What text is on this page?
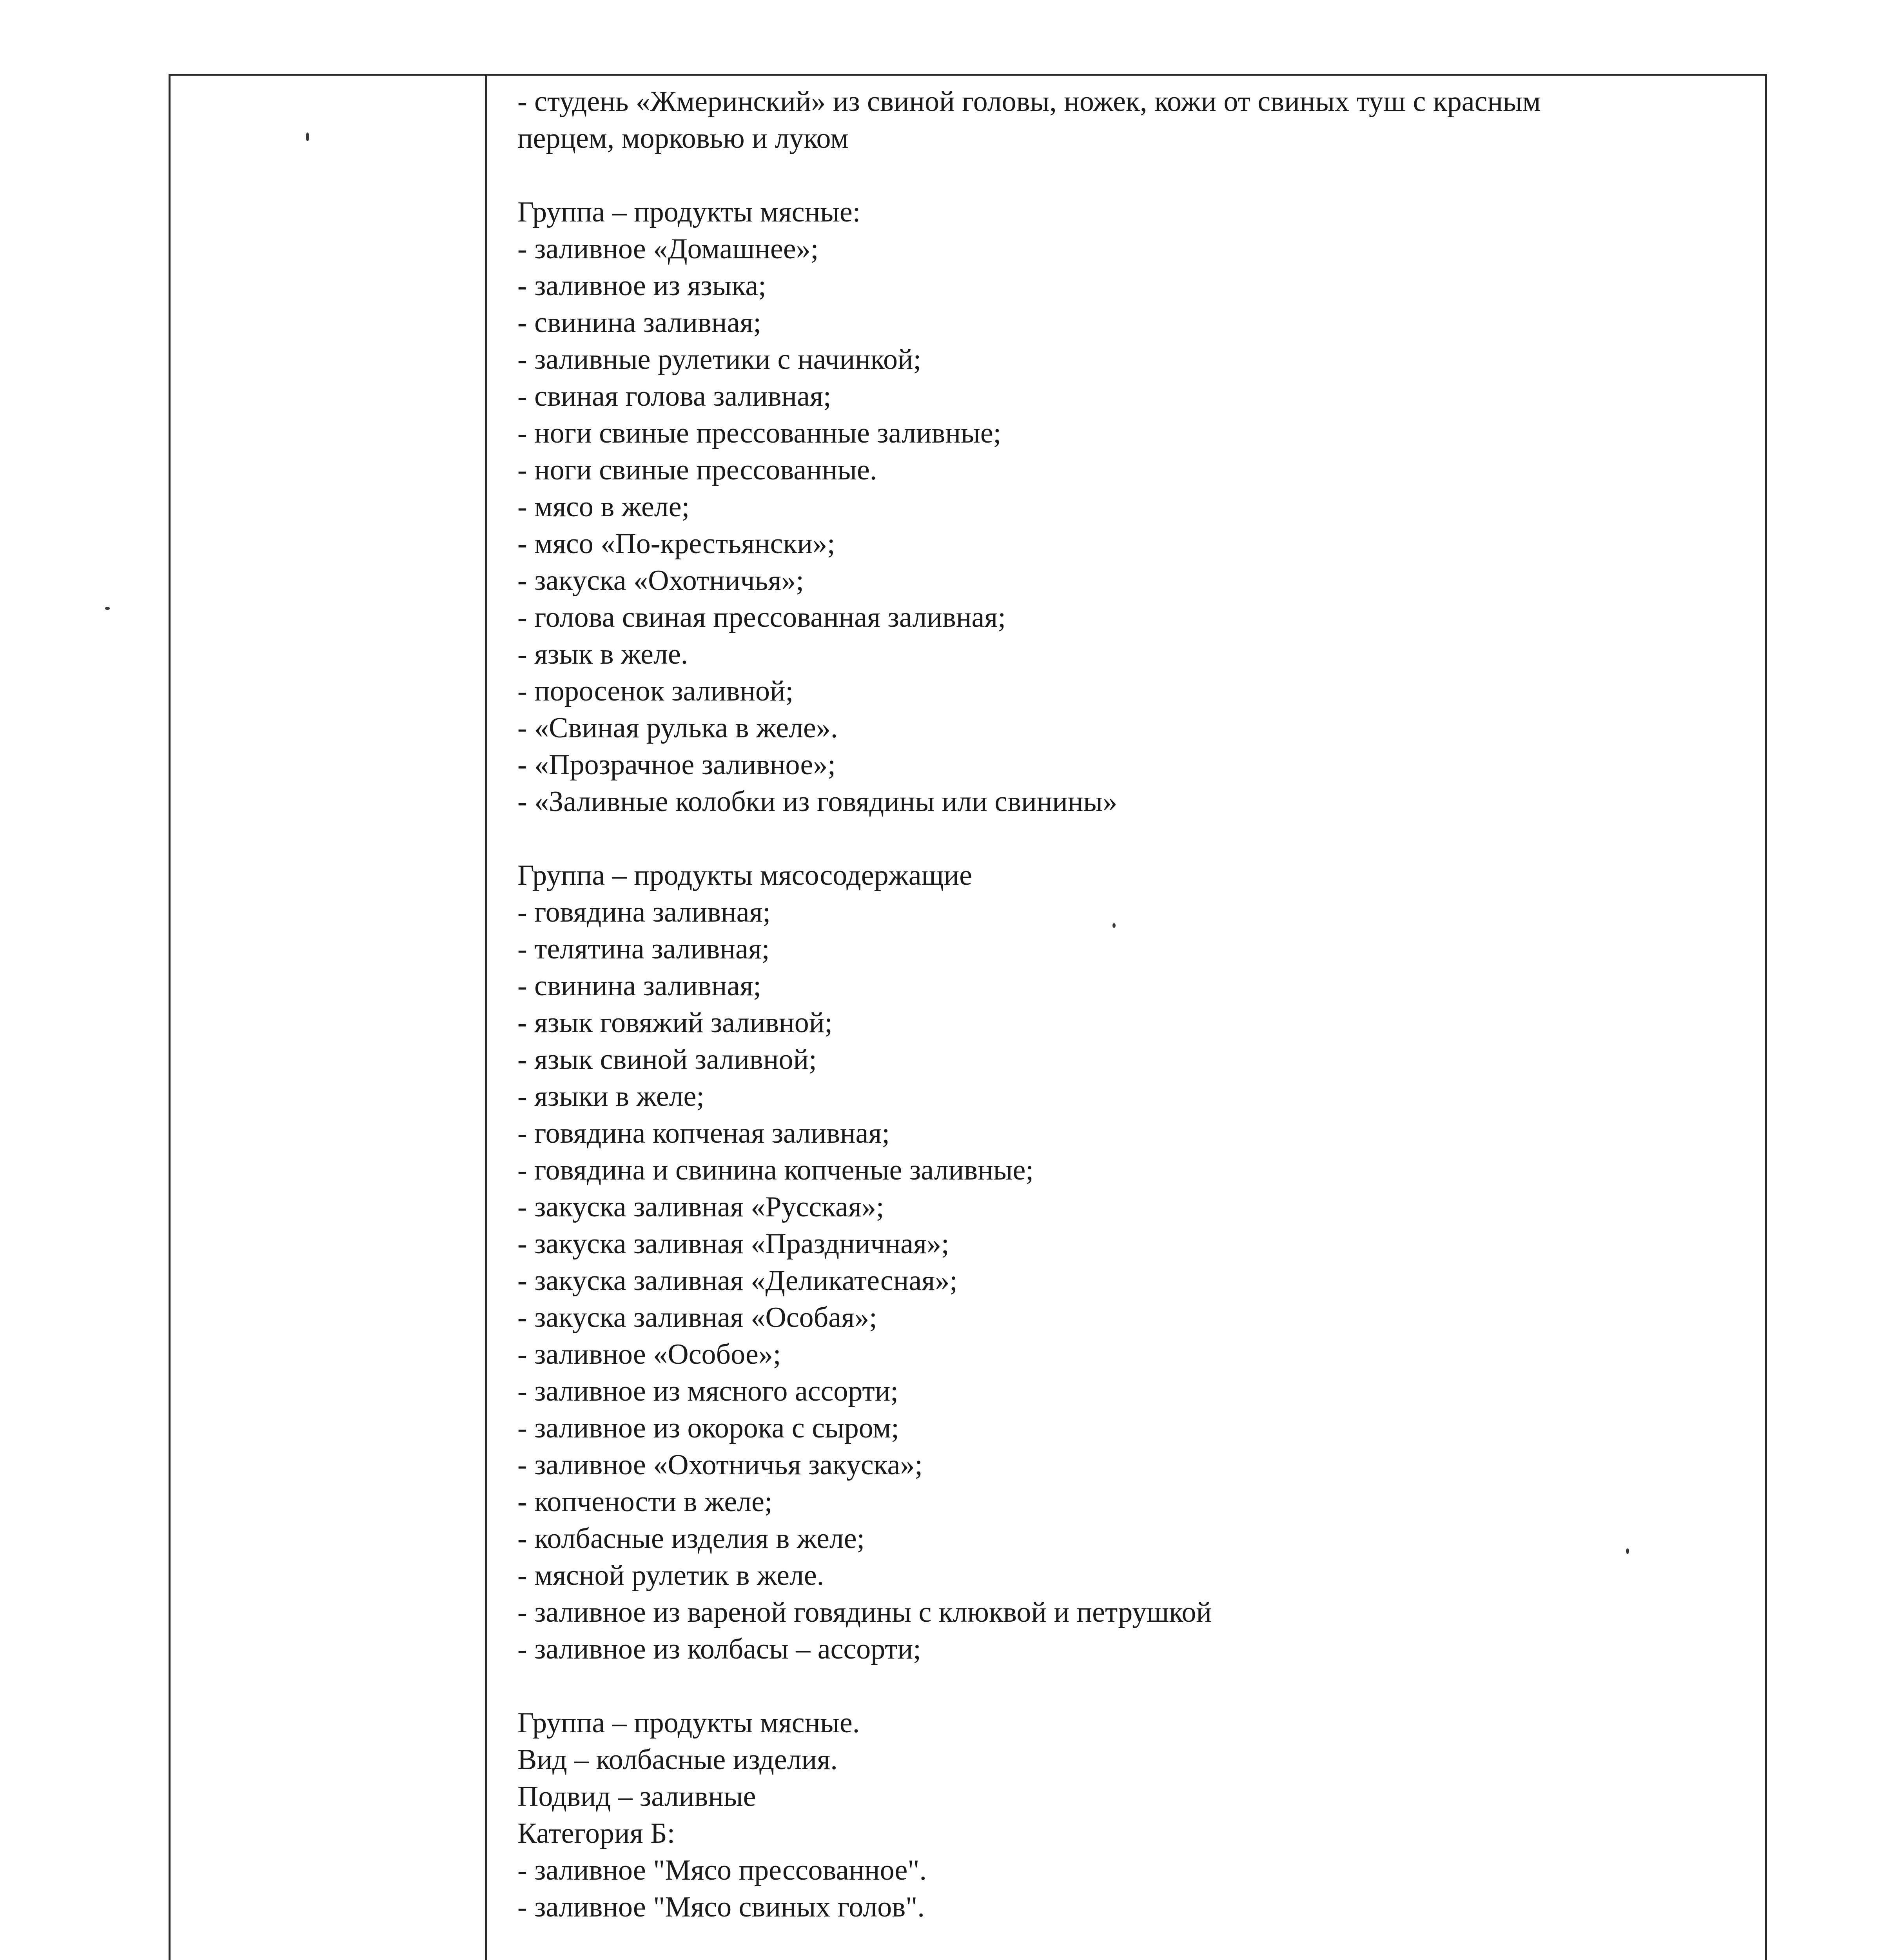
- студень «Жмеринский» из свиной головы, ножек, кожи от свиных туш с красным
перцем, морковью и луком
Группа – продукты мясные:
- заливное «Домашнее»;
- заливное из языка;
- свинина заливная;
- заливные рулетики с начинкой;
- свиная голова заливная;
- ноги свиные прессованные заливные;
- ноги свиные прессованные.
- мясо в желе;
- мясо «По-крестьянски»;
- закуска «Охотничья»;
- голова свиная прессованная заливная;
- язык в желе.
- поросенок заливной;
- «Свиная рулька в желе».
- «Прозрачное заливное»;
- «Заливные колобки из говядины или свинины»
Группа – продукты мясосодержащие
- говядина заливная;
- телятина заливная;
- свинина заливная;
- язык говяжий заливной;
- язык свиной заливной;
- языки в желе;
- говядина копченая заливная;
- говядина и свинина копченые заливные;
- закуска заливная «Русская»;
- закуска заливная «Праздничная»;
- закуска заливная «Деликатесная»;
- закуска заливная «Особая»;
- заливное «Особое»;
- заливное из мясного ассорти;
- заливное из окорока с сыром;
- заливное «Охотничья закуска»;
- копчености в желе;
- колбасные изделия в желе;
- мясной рулетик в желе.
- заливное из вареной говядины с клюквой и петрушкой
- заливное из колбасы – ассорти;
Группа – продукты мясные.
Вид – колбасные изделия.
Подвид – заливные
Категория Б:
- заливное "Мясо прессованное".
- заливное "Мясо свиных голов".
